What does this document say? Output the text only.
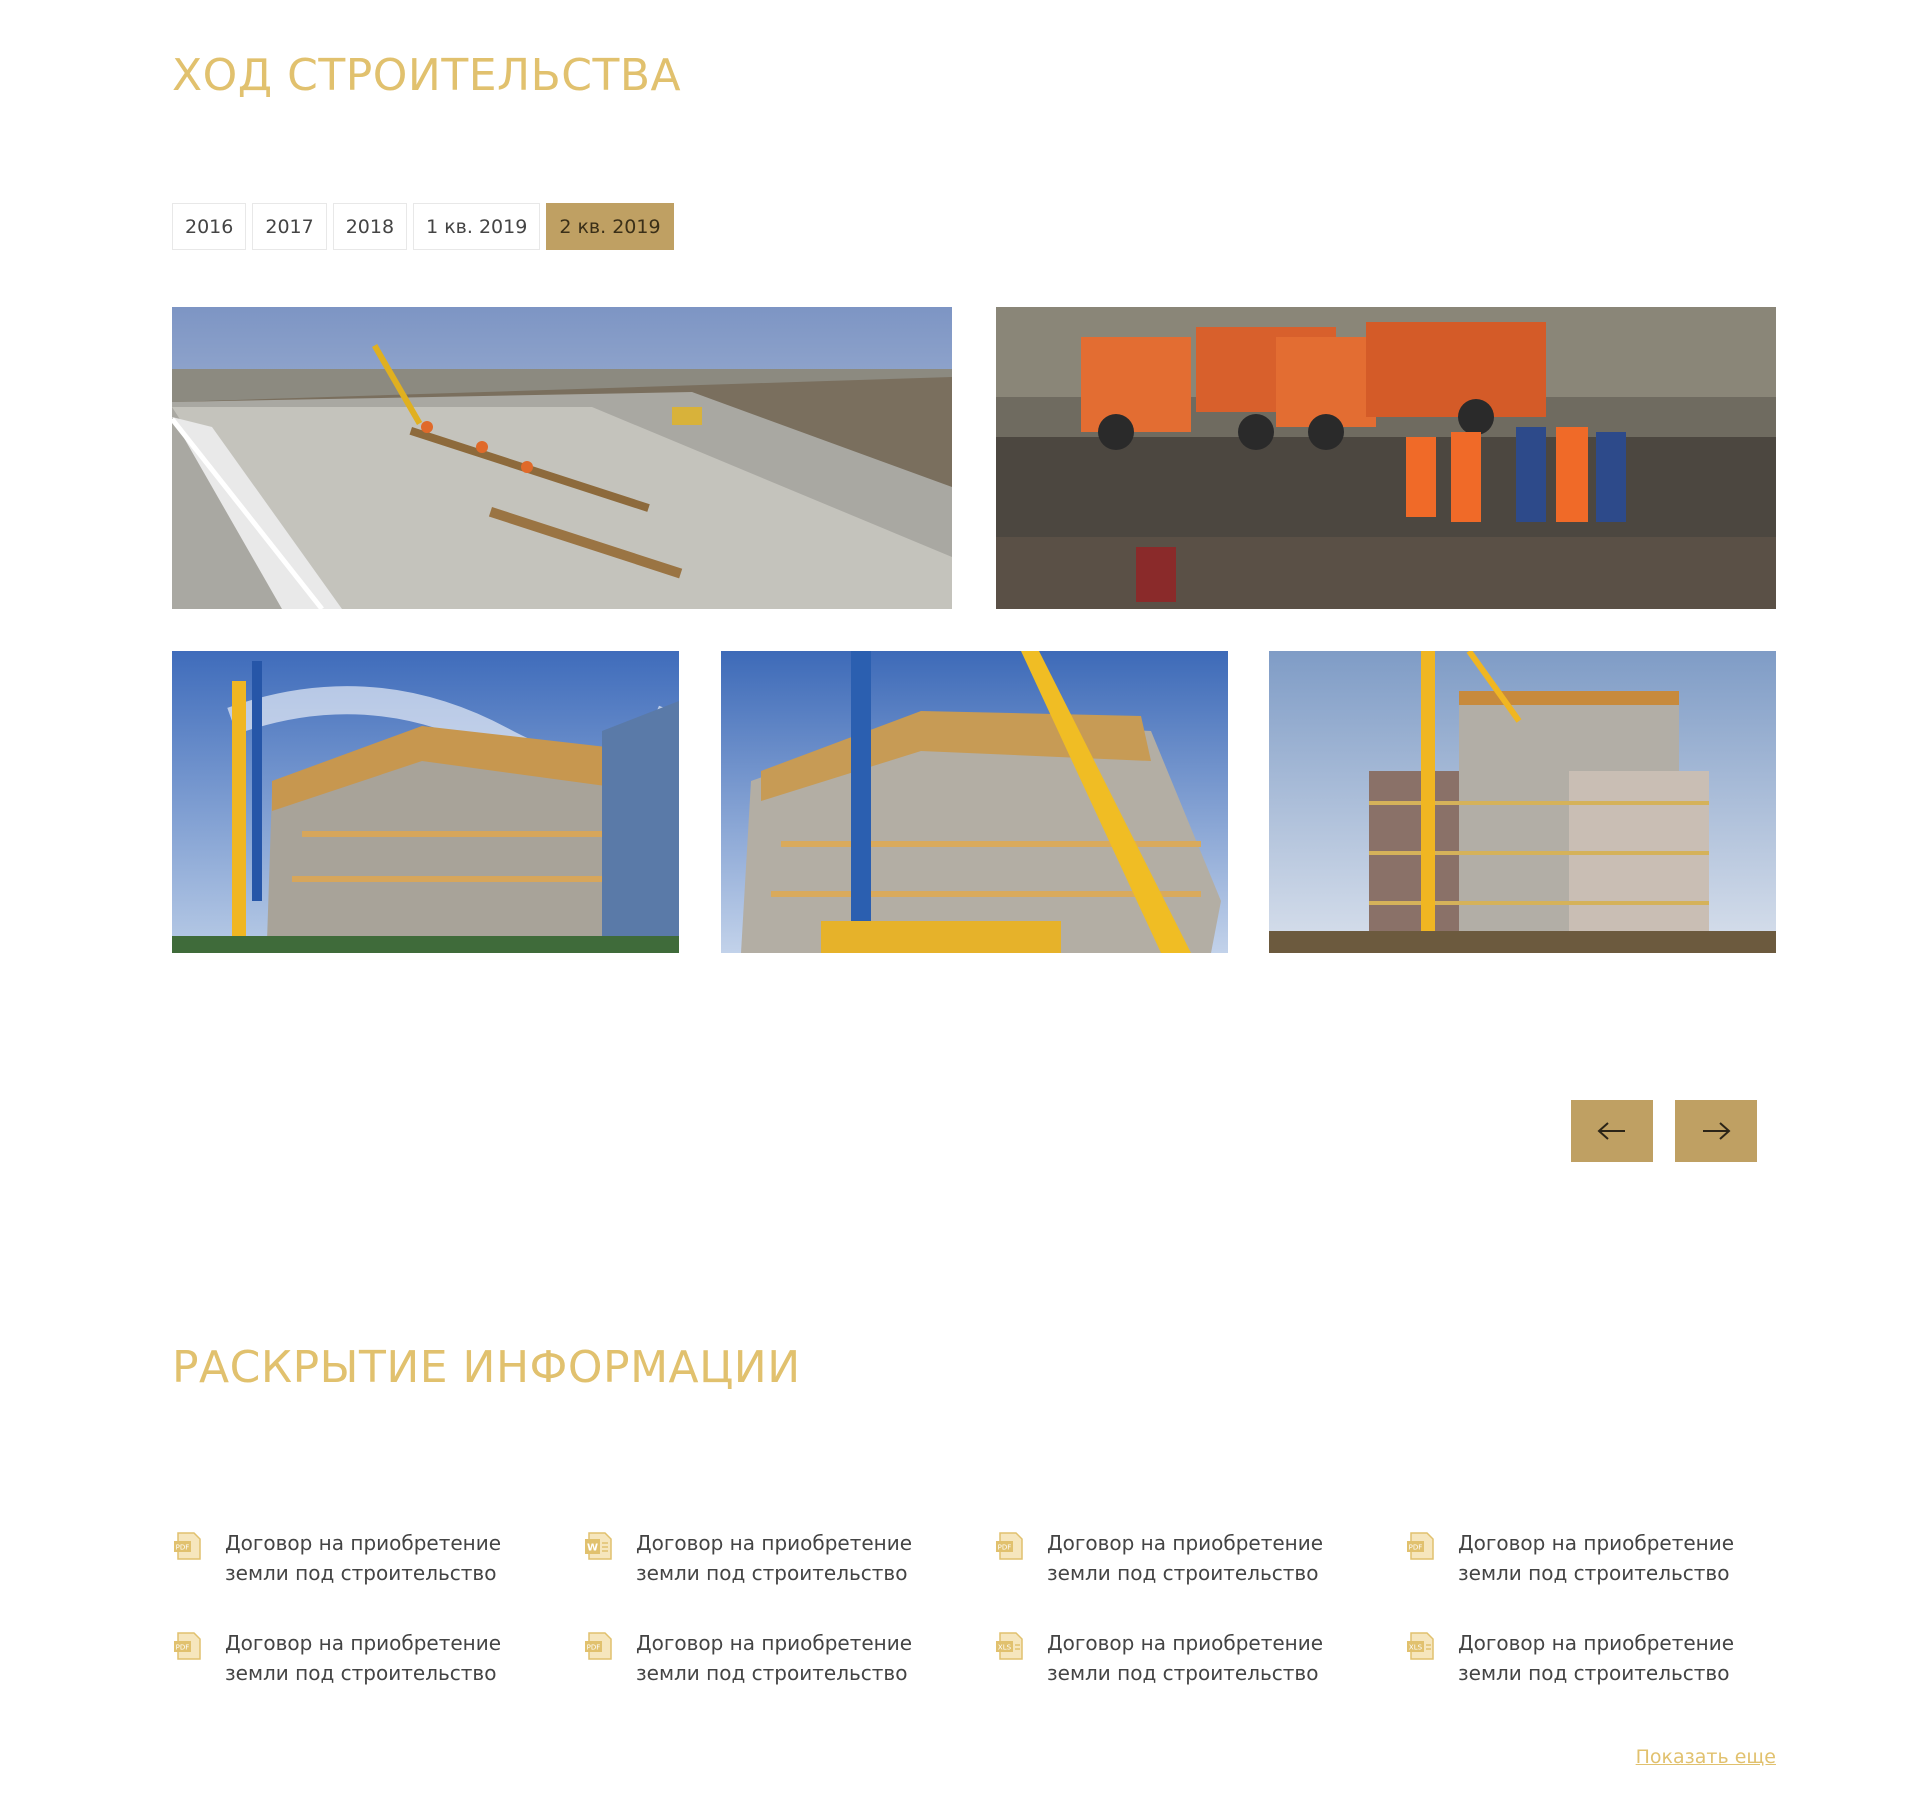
ХОД СТРОИТЕЛЬСТВА
2016	2017	2018	1 кв. 2019	2 кв. 2019
РАСКРЫТИЕ ИНФОРМАЦИИ
PDF Договор на приобретение
земли под строительство
W Договор на приобретение
земли под строительство
PDF Договор на приобретение
земли под строительство
PDF Договор на приобретение
земли под строительство
PDF Договор на приобретение
земли под строительство
PDF Договор на приобретение
земли под строительство
XLS Договор на приобретение
земли под строительство
XLS Договор на приобретение
земли под строительство
Показать еще
